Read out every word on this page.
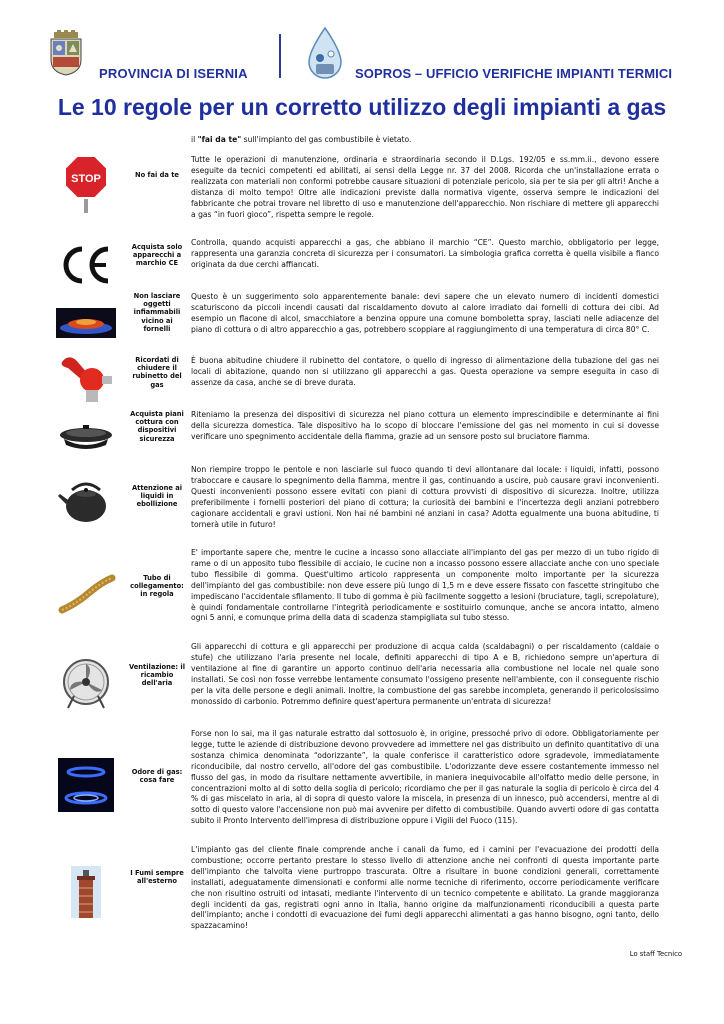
PROVINCIA DI ISERNIA	SOPROS – UFFICIO VERIFICHE IMPIANTI TERMICI
Le 10 regole per un corretto utilizzo degli impianti a gas
il "fai da te" sull'impianto del gas combustibile è vietato.
STOP	No fai da te
Tutte le operazioni di manutenzione, ordinaria e straordinaria secondo il D.Lgs. 192/05 e ss.mm.ii., devono essere eseguite da tecnici competenti ed abilitati, ai sensi della Legge nr. 37 del 2008. Ricorda che un'installazione errata o realizzata con materiali non conformi potrebbe causare situazioni di potenziale pericolo, sia per te sia per gli altri! Anche a distanza di molto tempo! Oltre alle indicazioni previste dalla normativa vigente, osserva sempre le indicazioni del fabbricante che potrai trovare nel libretto di uso e manutenzione dell'apparecchio. Non rischiare di mettere gli apparecchi a gas “in fuori gioco”, rispetta sempre le regole.
Acquista solo apparecchi a marchio CE
Controlla, quando acquisti apparecchi a gas, che abbiano il marchio “CE”. Questo marchio, obbligatorio per legge, rappresenta una garanzia concreta di sicurezza per i consumatori. La simbologia grafica corretta è quella visibile a fianco originata da due cerchi affiancati.
Non lasciare oggetti infiammabili vicino ai fornelli
Questo è un suggerimento solo apparentemente banale: devi sapere che un elevato numero di incidenti domestici scaturiscono da piccoli incendi causati dal riscaldamento dovuto al calore irradiato dai fornelli di cottura dei cibi. Ad esempio un flacone di alcol, smacchiatore a benzina oppure una comune bomboletta spray, lasciati nelle adiacenze del piano di cottura o di altro apparecchio a gas, potrebbero scoppiare al raggiungimento di una temperatura di circa 80° C.
Ricordati di chiudere il rubinetto del gas
È buona abitudine chiudere il rubinetto del contatore, o quello di ingresso di alimentazione della tubazione del gas nei locali di abitazione, quando non si utilizzano gli apparecchi a gas. Questa operazione va sempre eseguita in caso di assenze da casa, anche se di breve durata.
Acquista piani cottura con dispositivi sicurezza
Riteniamo la presenza dei dispositivi di sicurezza nel piano cottura un elemento imprescindibile e determinante ai fini della sicurezza domestica. Tale dispositivo ha lo scopo di bloccare l'emissione del gas nel momento in cui si dovesse verificare uno spegnimento accidentale della fiamma, grazie ad un sensore posto sul bruciatore fiamma.
Attenzione ai liquidi in ebollizione
Non riempire troppo le pentole e non lasciarle sul fuoco quando ti devi allontanare dal locale: i liquidi, infatti, possono traboccare e causare lo spegnimento della fiamma, mentre il gas, continuando a uscire, può causare gravi inconvenienti. Questi inconvenienti possono essere evitati con piani di cottura provvisti di dispositivo di sicurezza. Inoltre, utilizza preferibilmente i fornelli posteriori del piano di cottura; la curiosità dei bambini e l'incertezza degli anziani potrebbero cagionare accidentali e gravi ustioni. Non hai né bambini né anziani in casa? Adotta egualmente una buona abitudine, ti tornerà utile in futuro!
Tubo di collegamento: in regola
E' importante sapere che, mentre le cucine a incasso sono allacciate all'impianto del gas per mezzo di un tubo rigido di rame o di un apposito tubo flessibile di acciaio, le cucine non a incasso possono essere allacciate anche con uno speciale tubo flessibile di gomma. Quest'ultimo articolo rappresenta un componente molto importante per la sicurezza dell'impianto del gas combustibile: non deve essere più lungo di 1,5 m e deve essere fissato con fascette stringitubo che impediscano l'accidentale sfilamento. Il tubo di gomma è più facilmente soggetto a lesioni (bruciature, tagli, screpolature), è quindi fondamentale controllarne l'integrità periodicamente e sostituirlo comunque, anche se ancora intatto, almeno ogni 5 anni, e comunque prima della data di scadenza stampigliata sul tubo stesso.
Ventilazione: il ricambio dell'aria
Gli apparecchi di cottura e gli apparecchi per produzione di acqua calda (scaldabagni) o per riscaldamento (caldaie o stufe) che utilizzano l'aria presente nel locale, definiti apparecchi di tipo A e B, richiedono sempre un'apertura di ventilazione al fine di garantire un apporto continuo dell'aria necessaria alla combustione nel locale nel quale sono installati. Se così non fosse verrebbe lentamente consumato l'ossigeno presente nell'ambiente, con il conseguente rischio per la vita delle persone e degli animali. Inoltre, la combustione del gas sarebbe incompleta, generando il pericolosissimo monossido di carbonio. Potremmo definire quest'apertura permanente un'entrata di sicurezza!
Odore di gas: cosa fare
Forse non lo sai, ma il gas naturale estratto dal sottosuolo è, in origine, pressoché privo di odore. Obbligatoriamente per legge, tutte le aziende di distribuzione devono provvedere ad immettere nel gas distribuito un definito quantitativo di una sostanza chimica denominata “odorizzante”, la quale conferisce il caratteristico odore sgradevole, immediatamente riconducibile, dal nostro cervello, all'odore del gas combustibile. L'odorizzante deve essere costantemente immesso nel flusso del gas, in modo da risultare nettamente avvertibile, in maniera inequivocabile all'olfatto medio delle persone, in concentrazioni molto al di sotto della soglia di pericolo; ricordiamo che per il gas naturale la soglia di pericolo è circa del 4 % di gas miscelato in aria, al di sopra di questo valore la miscela, in presenza di un innesco, può accendersi, mentre al di sotto di questo valore l'accensione non può mai avvenire per difetto di combustibile. Quando avverti odore di gas contatta subito il Pronto Intervento dell'impresa di distribuzione oppure i Vigili del Fuoco (115).
I Fumi sempre all'esterno
L'impianto gas del cliente finale comprende anche i canali da fumo, ed i camini per l'evacuazione dei prodotti della combustione; occorre pertanto prestare lo stesso livello di attenzione anche nei confronti di questa importante parte dell'impianto che talvolta viene purtroppo trascurata. Oltre a risultare in buone condizioni generali, correttamente installati, adeguatamente dimensionati e conformi alle norme tecniche di riferimento, occorre periodicamente verificare che non risultino ostruiti od intasati, mediante l'intervento di un tecnico competente e abilitato. La grande maggioranza degli incidenti da gas, registrati ogni anno in Italia, hanno origine da malfunzionamenti riconducibili a questa parte dell'impianto; anche i condotti di evacuazione dei fumi degli apparecchi alimentati a gas hanno bisogno, ogni tanto, dello spazzacamino!
Lo staff Tecnico
